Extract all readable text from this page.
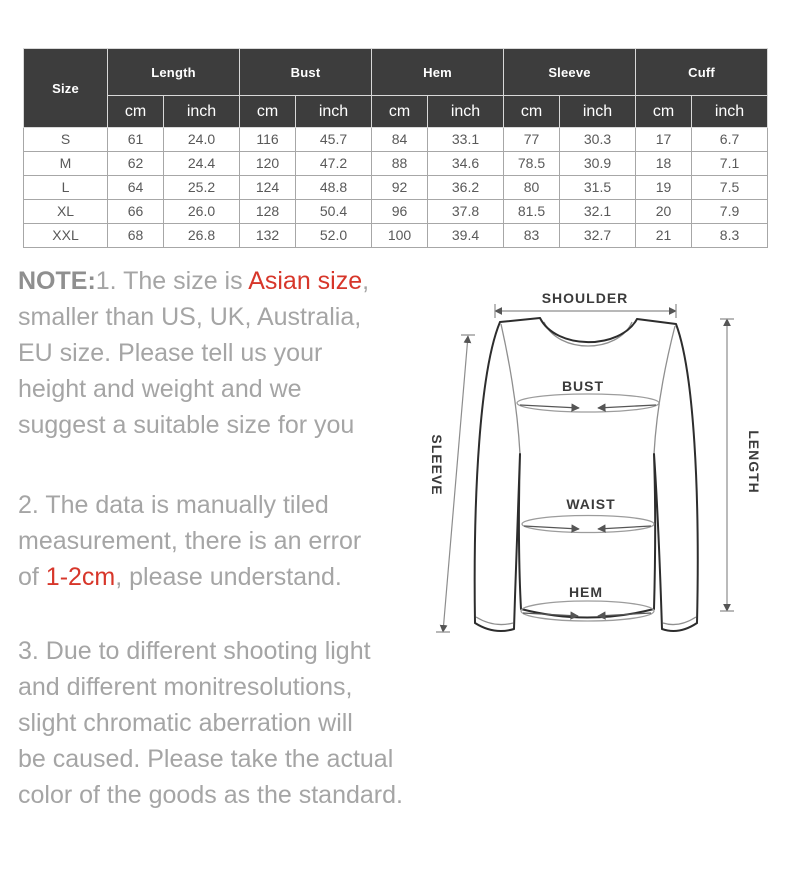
Size	Length		Bust		Hem		Sleeve		Cuff	
	cm	inch	cm	inch	cm	inch	cm	inch	cm	inch
S	61	24.0	116	45.7	84	33.1	77	30.3	17	6.7
M	62	24.4	120	47.2	88	34.6	78.5	30.9	18	7.1
L	64	25.2	124	48.8	92	36.2	80	31.5	19	7.5
XL	66	26.0	128	50.4	96	37.8	81.5	32.1	20	7.9
XXL	68	26.8	132	52.0	100	39.4	83	32.7	21	8.3
NOTE:1. The size is Asian size,
smaller than US, UK, Australia,
EU size. Please tell us your
height and weight and we
suggest a suitable size for you
2. The data is manually tiled
measurement, there is an error
of 1-2cm, please understand.
3. Due to different shooting light
and different monitresolutions,
slight chromatic aberration will
be caused. Please take the actual
color of the goods as the standard.
SHOULDER
BUST
WAIST
HEM
SLEEVE	LENGTH
